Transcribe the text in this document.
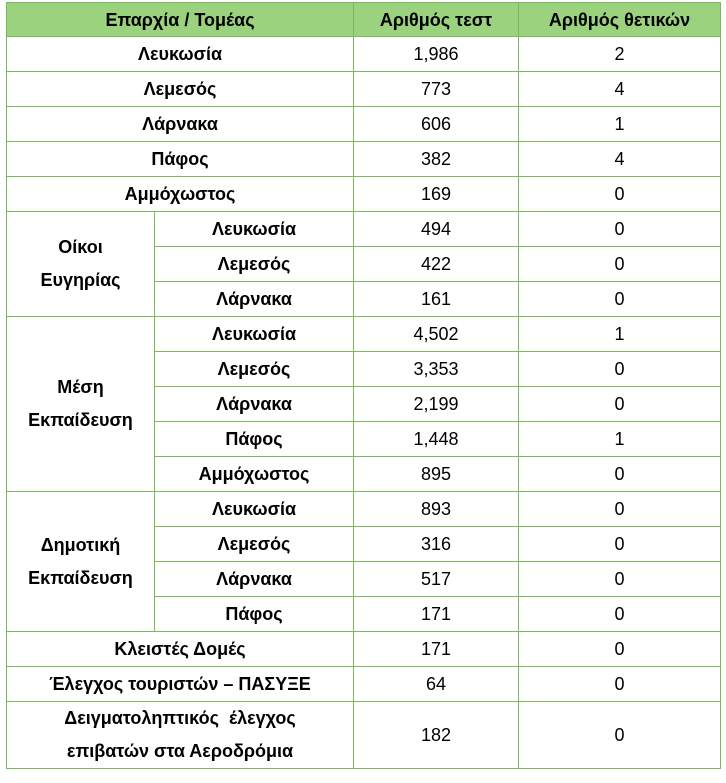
Επαρχία / Τομέας		Αριθμός τεστ	Αριθμός θετικών
Λευκωσία		1,986	2
Λεμεσός		773	4
Λάρνακα		606	1
Πάφος		382	4
Αμμόχωστος		169	0

Οίκοι
Ευγηρίας	Λευκωσία	494	0
	Λεμεσός	422	0
	Λάρνακα	161	0

Μέση
Εκπαίδευση	Λευκωσία	4,502	1
	Λεμεσός	3,353	0
	Λάρνακα	2,199	0
	Πάφος	1,448	1
	Αμμόχωστος	895	0

Δημοτική
Εκπαίδευση	Λευκωσία	893	0
	Λεμεσός	316	0
	Λάρνακα	517	0
	Πάφος	171	0
Κλειστές Δομές		171	0
Έλεγχος τουριστών – ΠΑΣΥΞΕ		64	0

Δειγματοληπτικός  έλεγχος
επιβατών στα Αεροδρόμια		182	0
